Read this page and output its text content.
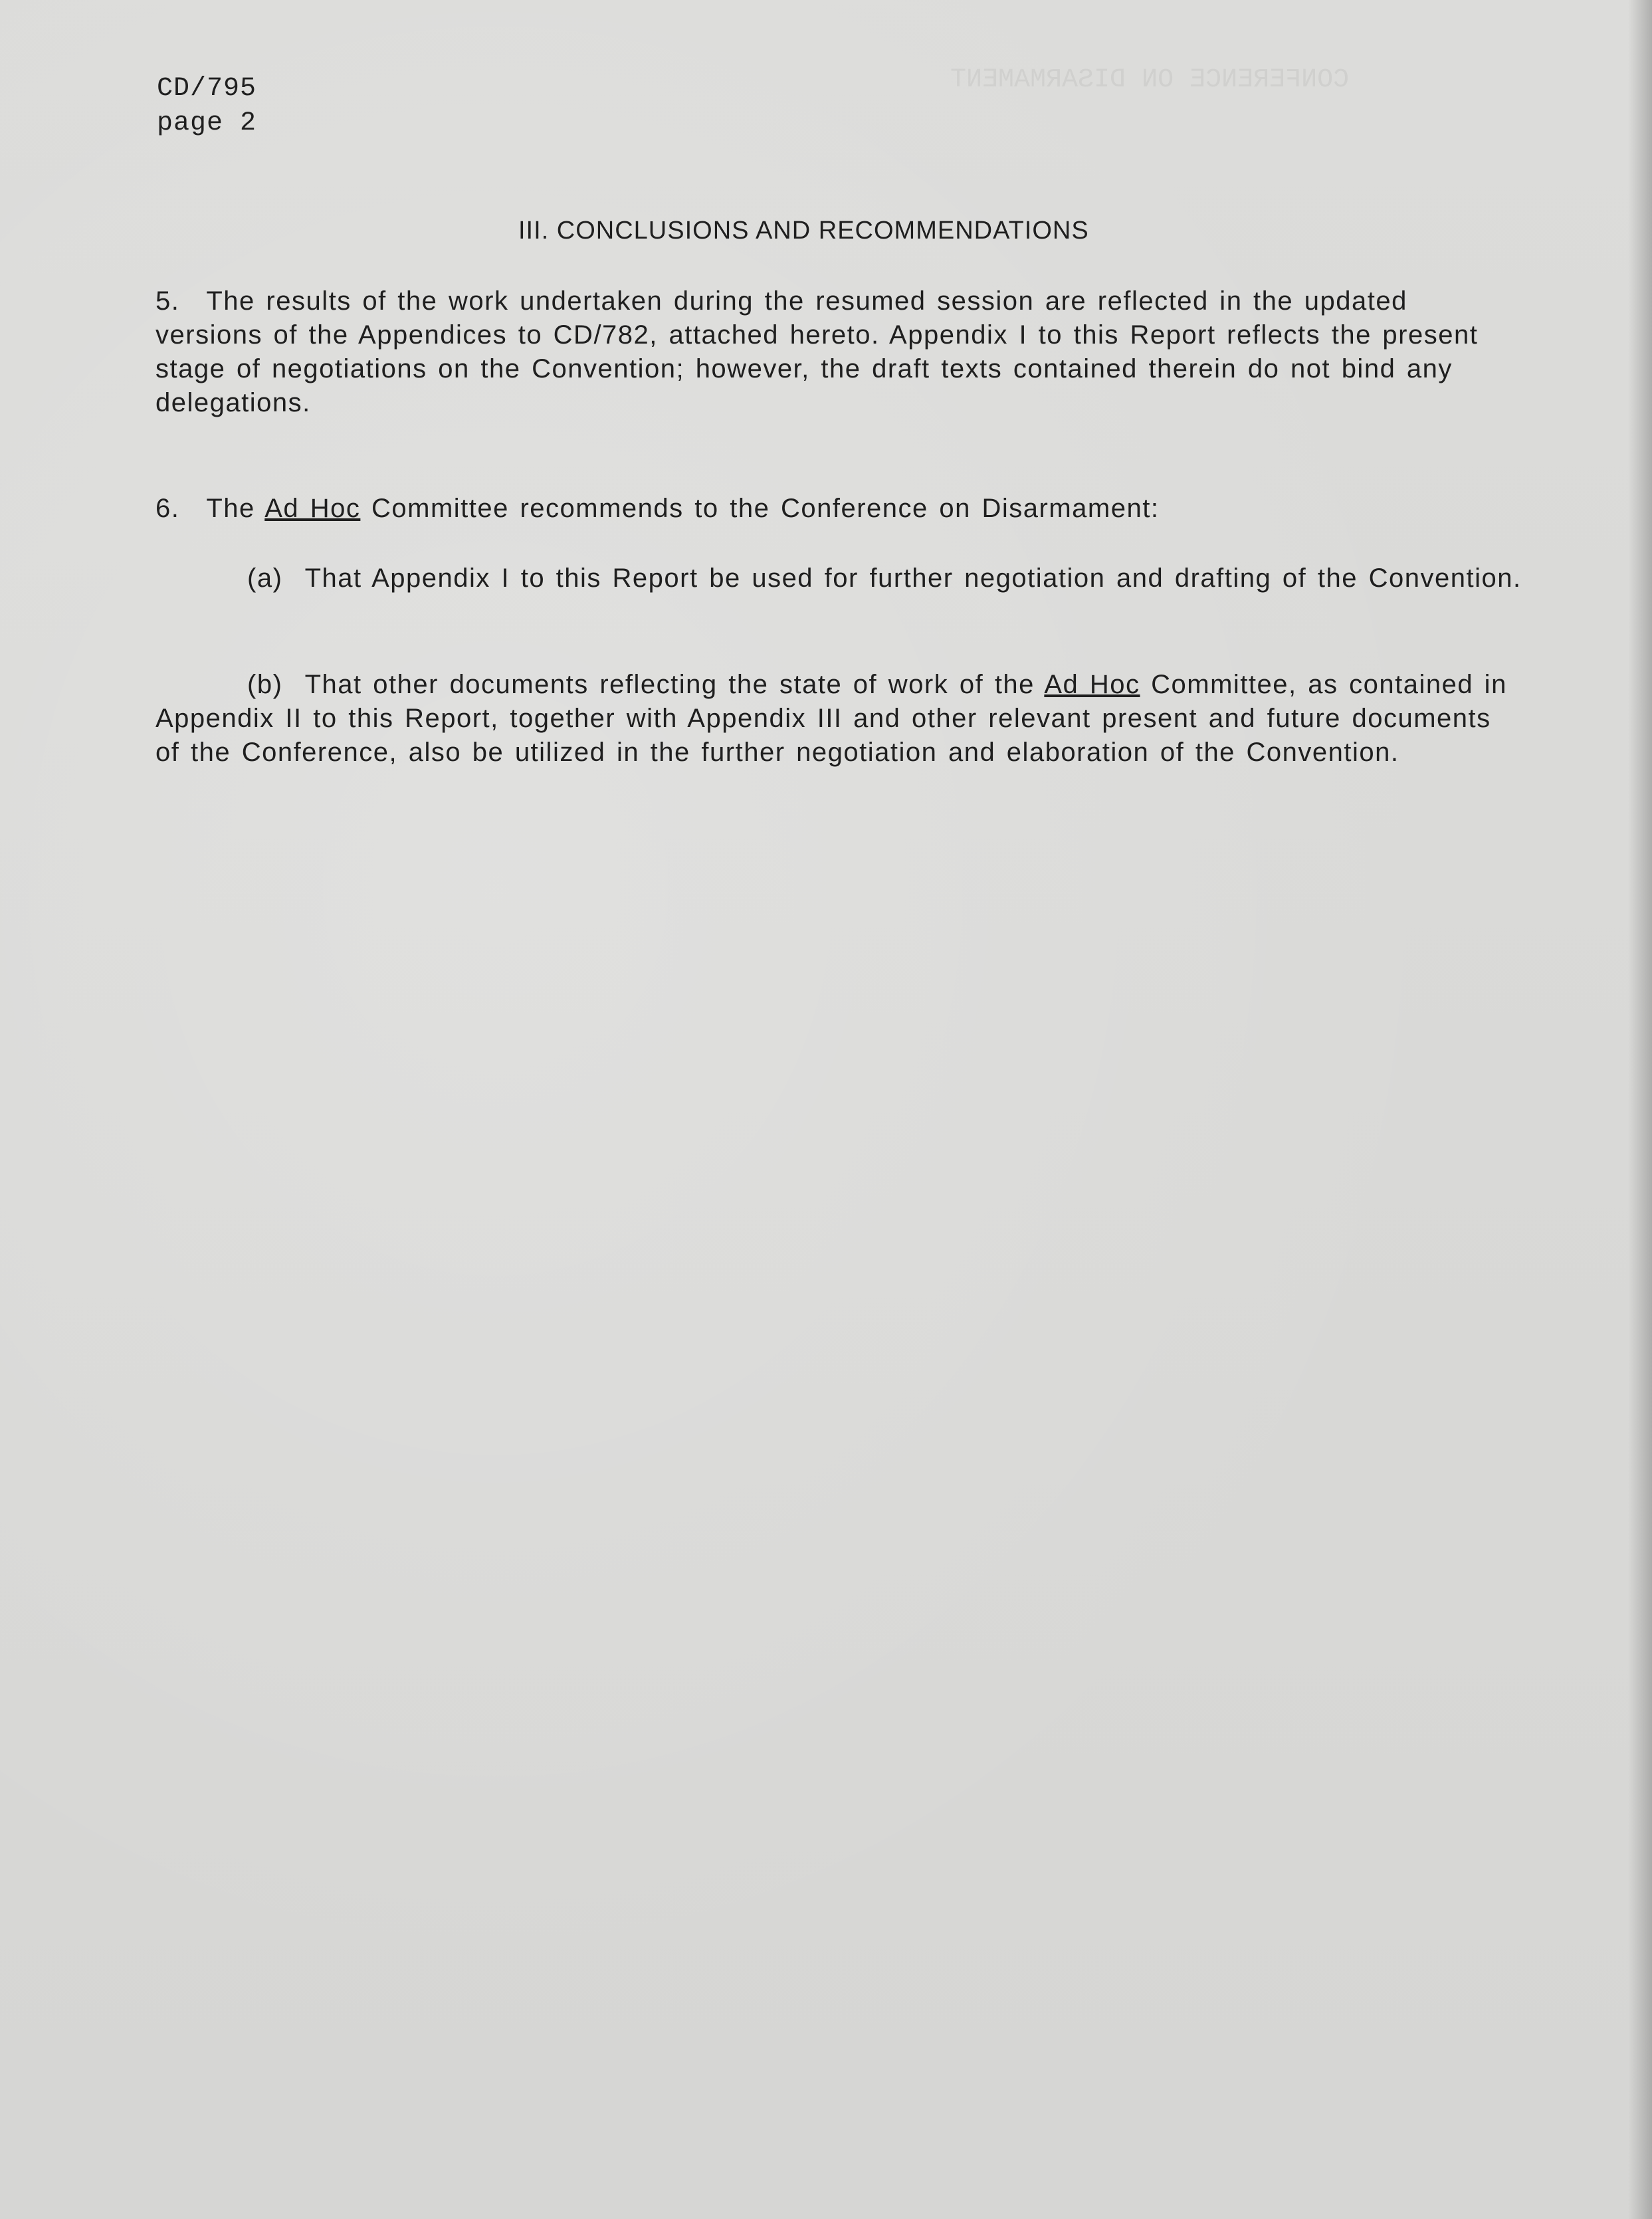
CONFERENCE ON DISARMAMENT
CD/795
page 2
III. CONCLUSIONS AND RECOMMENDATIONS
5. The results of the work undertaken during the resumed session are reflected in the updated versions of the Appendices to CD/782, attached hereto. Appendix I to this Report reflects the present stage of negotiations on the Convention; however, the draft texts contained therein do not bind any delegations.
6. The Ad Hoc Committee recommends to the Conference on Disarmament:
(a) That Appendix I to this Report be used for further negotiation and drafting of the Convention.
(b) That other documents reflecting the state of work of the Ad Hoc Committee, as contained in Appendix II to this Report, together with Appendix III and other relevant present and future documents of the Conference, also be utilized in the further negotiation and elaboration of the Convention.
